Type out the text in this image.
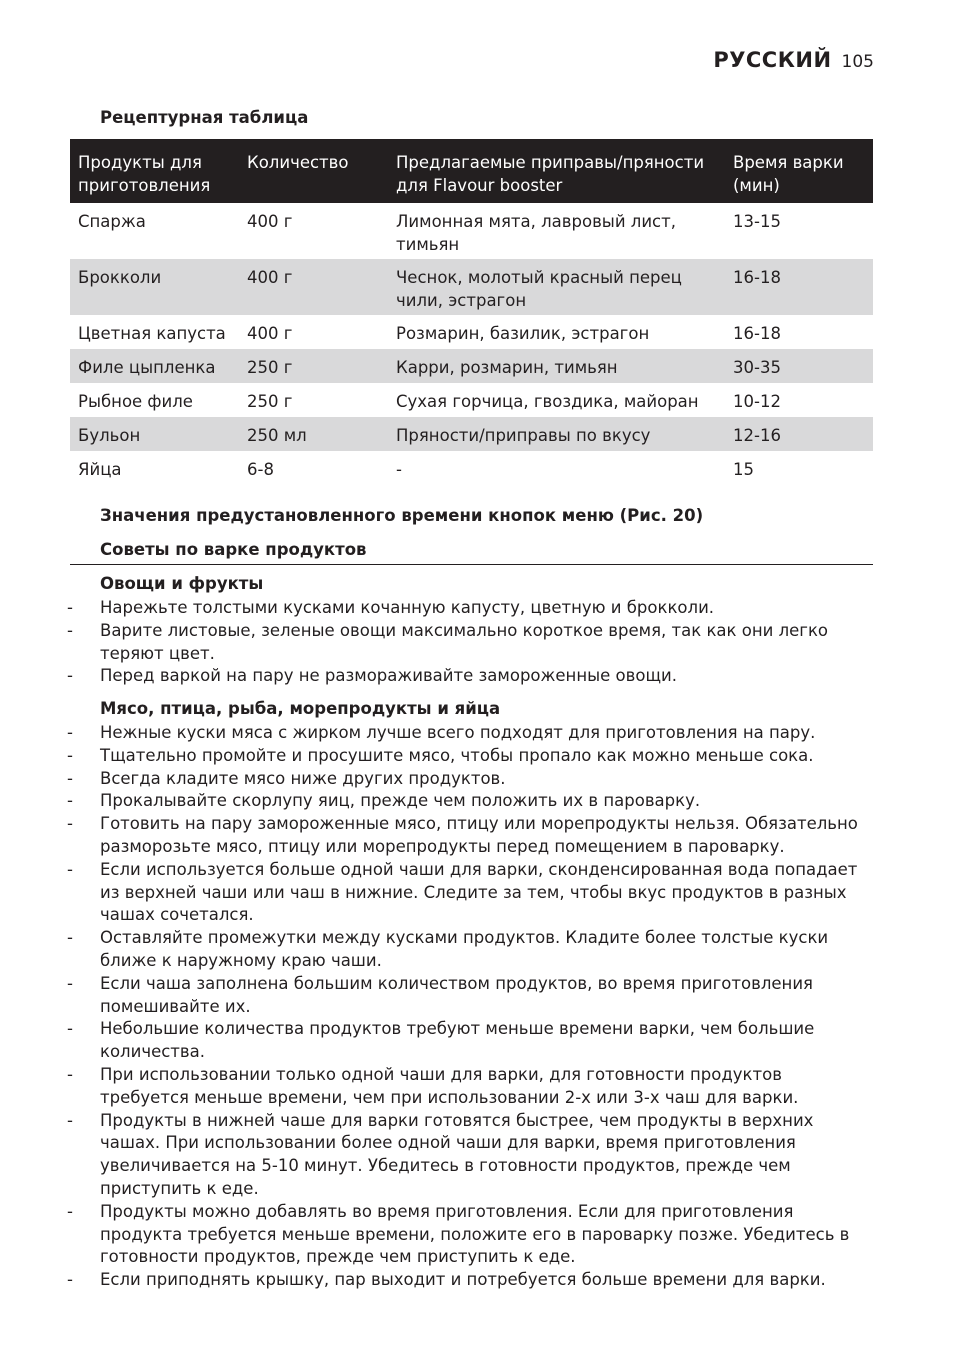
РУССКИЙ 105
Рецептурная таблица
Продукты для приготовления	Количество	Предлагаемые приправы/пряности для Flavour booster	Время варки (мин)
Спаржа	400 г	Лимонная мята, лавровый лист, тимьян	13-15
Брокколи	400 г	Чеснок, молотый красный перец чили, эстрагон	16-18
Цветная капуста	400 г	Розмарин, базилик, эстрагон	16-18
Филе цыпленка	250 г	Карри, розмарин, тимьян	30-35
Рыбное филе	250 г	Сухая горчица, гвоздика, майоран	10-12
Бульон	250 мл	Пряности/приправы по вкусу	12-16
Яйца	6-8	-	15
Значения предустановленного времени кнопок меню (Рис. 20)
Советы по варке продуктов
Овощи и фрукты
- Нарежьте толстыми кусками кочанную капусту, цветную и брокколи.
- Варите листовые, зеленые овощи максимально короткое время, так как они легко теряют цвет.
- Перед варкой на пару не размораживайте замороженные овощи.
Мясо, птица, рыба, морепродукты и яйца
- Нежные куски мяса с жирком лучше всего подходят для приготовления на пару.
- Тщательно промойте и просушите мясо, чтобы пропало как можно меньше сока.
- Всегда кладите мясо ниже других продуктов.
- Прокалывайте скорлупу яиц, прежде чем положить их в пароварку.
- Готовить на пару замороженные мясо, птицу или морепродукты нельзя. Обязательно разморозьте мясо, птицу или морепродукты перед помещением в пароварку.
- Если используется больше одной чаши для варки, сконденсированная вода попадает из верхней чаши или чаш в нижние. Следите за тем, чтобы вкус продуктов в разных чашах сочетался.
- Оставляйте промежутки между кусками продуктов. Кладите более толстые куски ближе к наружному краю чаши.
- Если чаша заполнена большим количеством продуктов, во время приготовления помешивайте их.
- Небольшие количества продуктов требуют меньше времени варки, чем большие количества.
- При использовании только одной чаши для варки, для готовности продуктов требуется меньше времени, чем при использовании 2-х или 3-х чаш для варки.
- Продукты в нижней чаше для варки готовятся быстрее, чем продукты в верхних чашах. При использовании более одной чаши для варки, время приготовления увеличивается на 5-10 минут. Убедитесь в готовности продуктов, прежде чем приступить к еде.
- Продукты можно добавлять во время приготовления. Если для приготовления продукта требуется меньше времени, положите его в пароварку позже. Убедитесь в готовности продуктов, прежде чем приступить к еде.
- Если приподнять крышку, пар выходит и потребуется больше времени для варки.
